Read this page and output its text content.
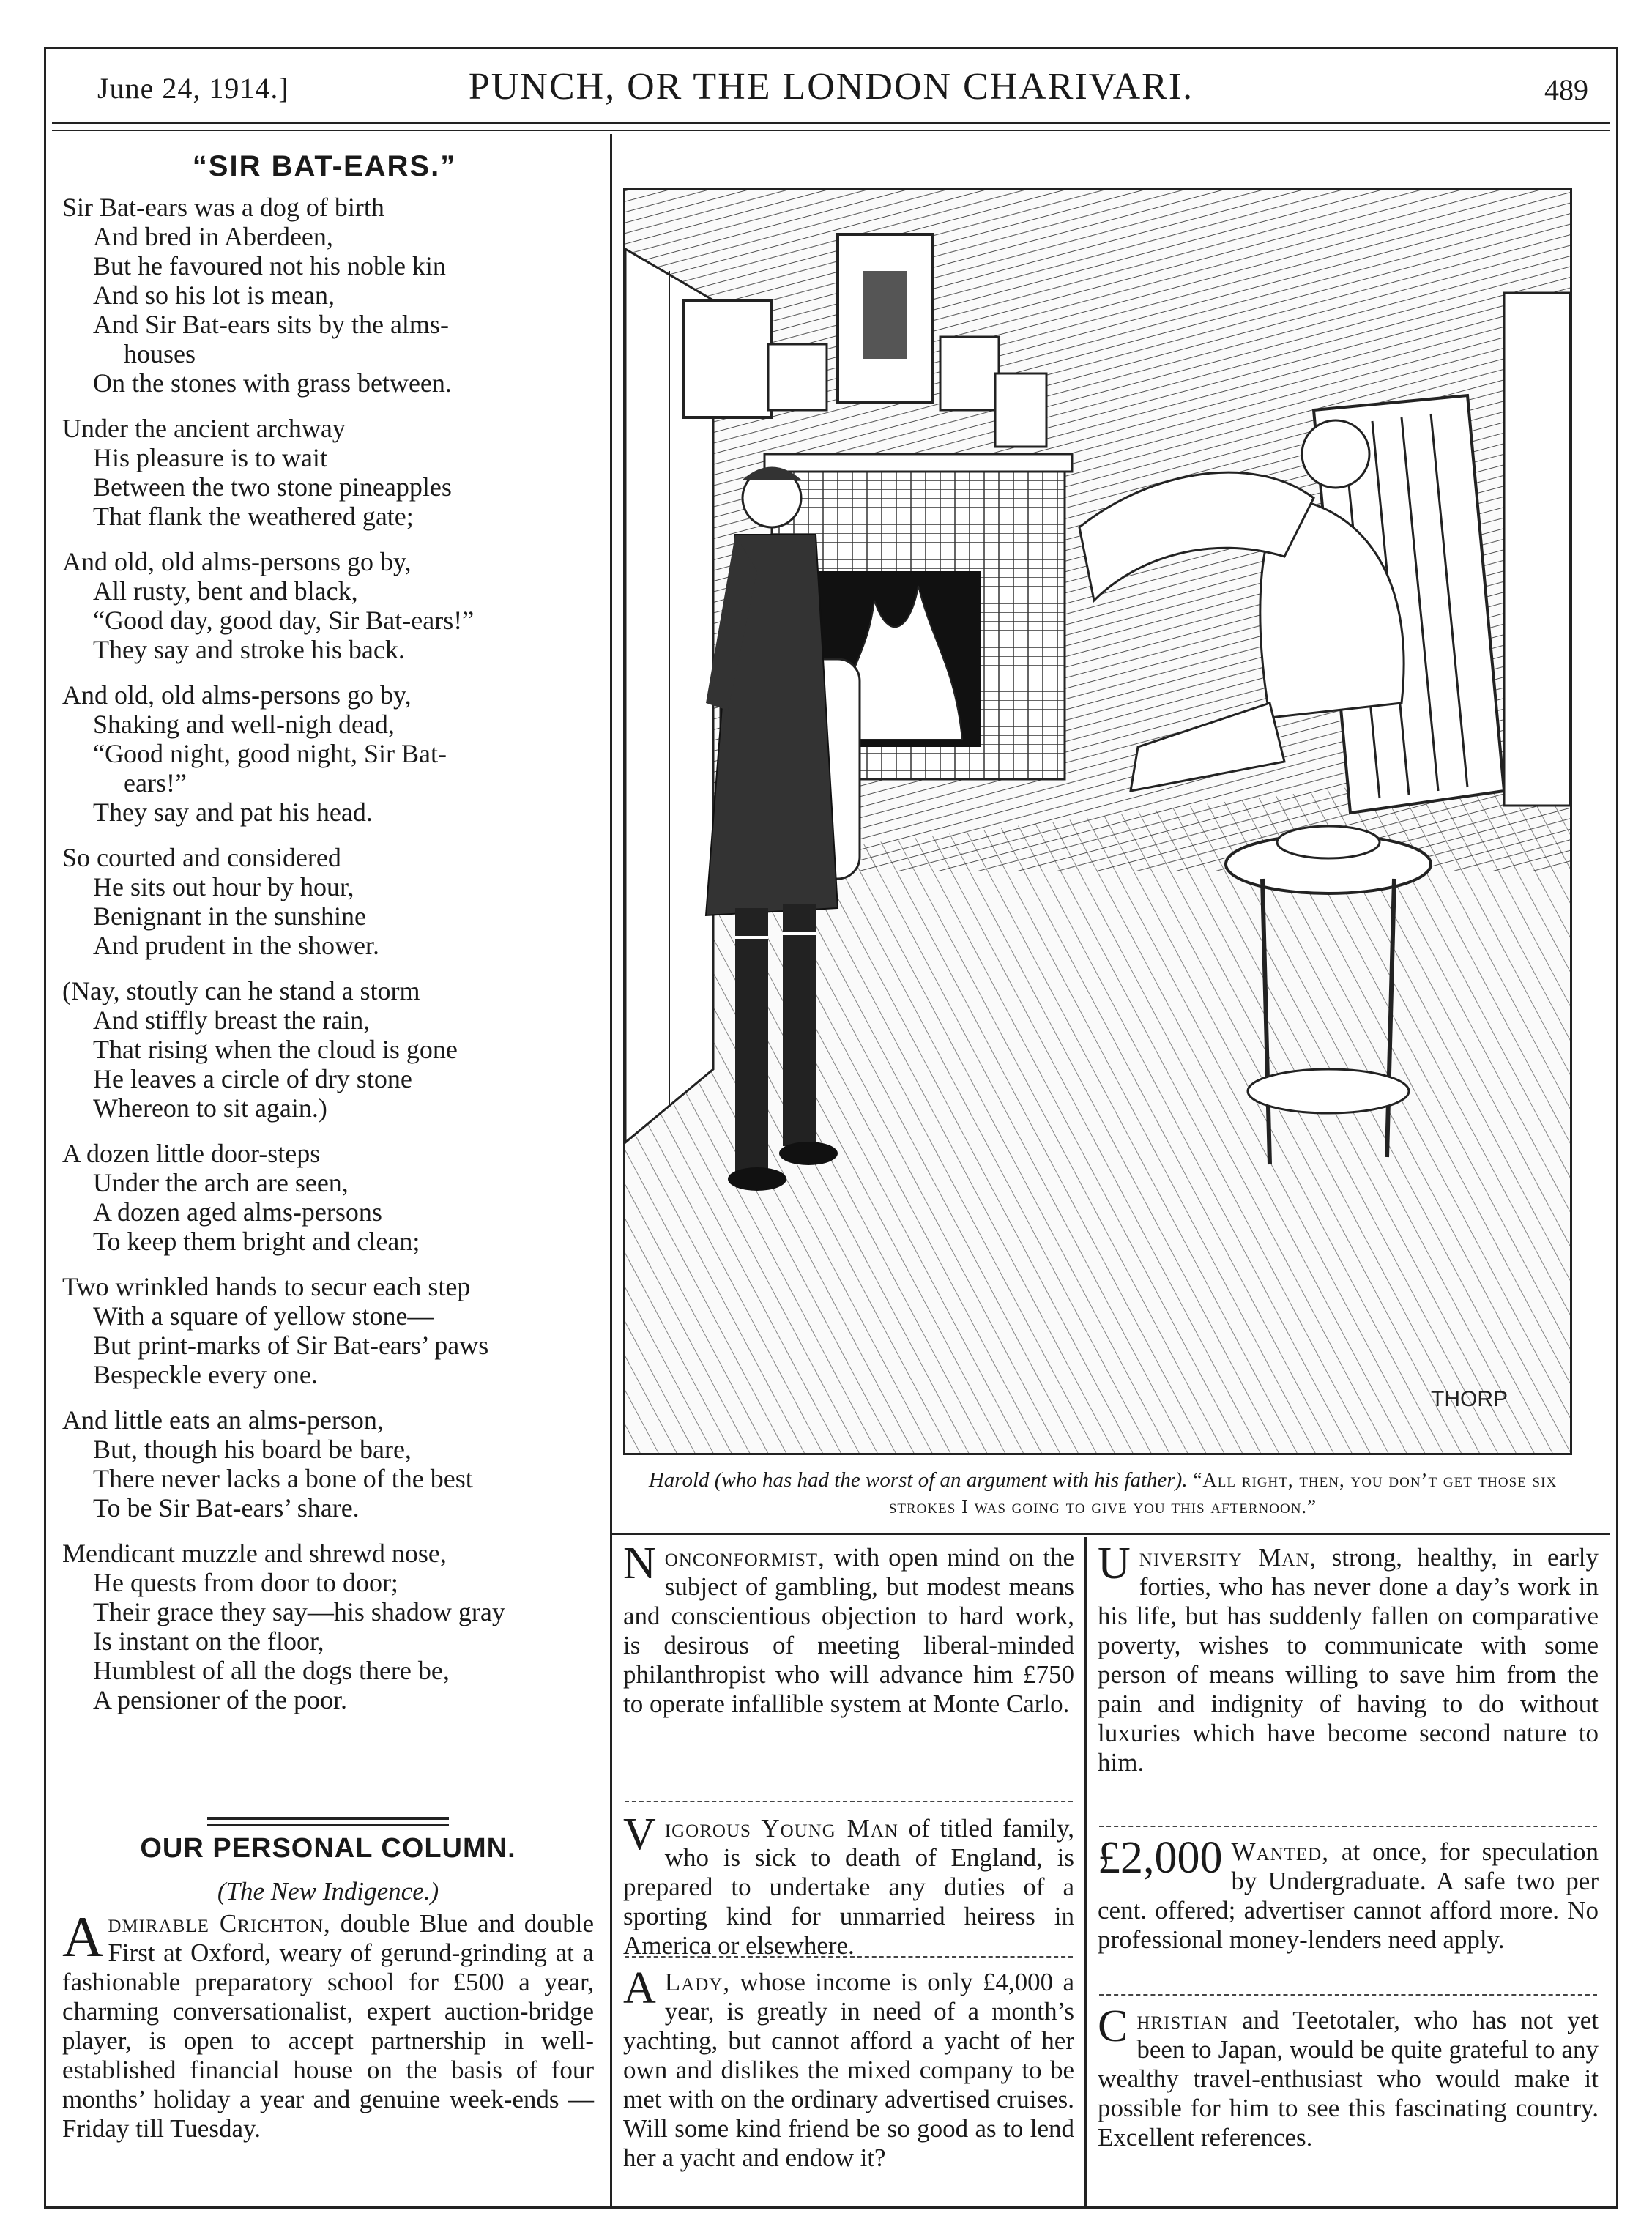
June 24, 1914.]	PUNCH, OR THE LONDON CHARIVARI.	489
“SIR BAT-EARS.”
Sir Bat-ears was a dog of birth
And bred in Aberdeen,
But he favoured not his noble kin
And so his lot is mean,
And Sir Bat-ears sits by the alms-
houses
On the stones with grass between.
Under the ancient archway
His pleasure is to wait
Between the two stone pineapples
That flank the weathered gate;
And old, old alms-persons go by,
All rusty, bent and black,
“Good day, good day, Sir Bat-ears!”
They say and stroke his back.
And old, old alms-persons go by,
Shaking and well-nigh dead,
“Good night, good night, Sir Bat-
ears!”
They say and pat his head.
So courted and considered
He sits out hour by hour,
Benignant in the sunshine
And prudent in the shower.
(Nay, stoutly can he stand a storm
And stiffly breast the rain,
That rising when the cloud is gone
He leaves a circle of dry stone
Whereon to sit again.)
A dozen little door-steps
Under the arch are seen,
A dozen aged alms-persons
To keep them bright and clean;
Two wrinkled hands to secur each step
With a square of yellow stone—
But print-marks of Sir Bat-ears’ paws
Bespeckle every one.
And little eats an alms-person,
But, though his board be bare,
There never lacks a bone of the best
To be Sir Bat-ears’ share.
Mendicant muzzle and shrewd nose,
He quests from door to door;
Their grace they say—his shadow gray
Is instant on the floor,
Humblest of all the dogs there be,
A pensioner of the poor.
OUR PERSONAL COLUMN.
(The New Indigence.)
Admirable Crichton, double Blue and double First at Oxford, weary of gerund-grinding at a fashionable preparatory school for £500 a year, charming conversationalist, expert auction-bridge player, is open to accept partnership in well-established financial house on the basis of four months’ holiday a year and genuine week-ends —Friday till Tuesday.
THORP
Harold (who has had the worst of an argument with his father). “All right, then, you don’t get those six strokes I was going to give you this afternoon.”
Nonconformist, with open mind on the subject of gambling, but modest means and conscientious objection to hard work, is desirous of meeting liberal-minded philanthropist who will advance him £750 to operate infallible system at Monte Carlo.
Vigorous Young Man of titled family, who is sick to death of England, is prepared to undertake any duties of a sporting kind for unmarried heiress in America or elsewhere.
A Lady, whose income is only £4,000 a year, is greatly in need of a month’s yachting, but cannot afford a yacht of her own and dislikes the mixed company to be met with on the ordinary advertised cruises. Will some kind friend be so good as to lend her a yacht and endow it?
University Man, strong, healthy, in early forties, who has never done a day’s work in his life, but has suddenly fallen on comparative poverty, wishes to communicate with some person of means willing to save him from the pain and indignity of having to do without luxuries which have become second nature to him.
£2,000 Wanted, at once, for speculation by Undergraduate. A safe two per cent. offered; advertiser cannot afford more. No professional money-lenders need apply.
Christian and Teetotaler, who has not yet been to Japan, would be quite grateful to any wealthy travel-enthusiast who would make it possible for him to see this fascinating country. Excellent references.
